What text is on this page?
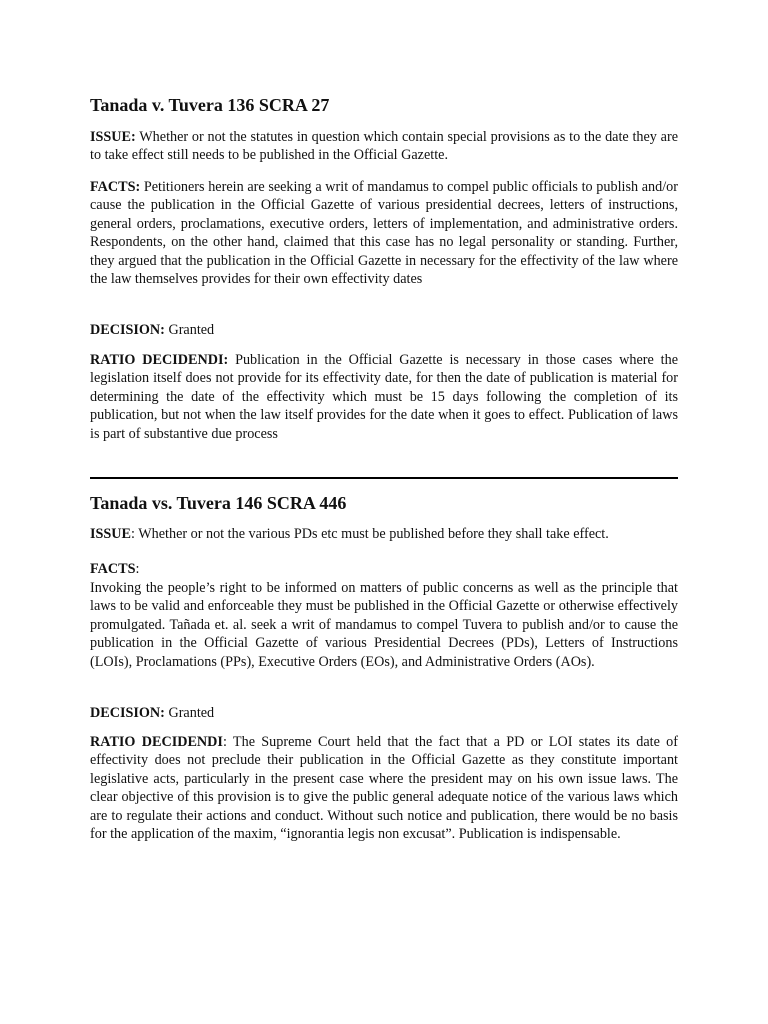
Tanada v. Tuvera 136 SCRA 27

ISSUE: Whether or not the statutes in question which contain special provisions as to the date they are to take effect still needs to be published in the Official Gazette.

FACTS: Petitioners herein are seeking a writ of mandamus to compel public officials to publish and/or cause the publication in the Official Gazette of various presidential decrees, letters of instructions, general orders, proclamations, executive orders, letters of implementation, and administrative orders. Respondents, on the other hand, claimed that this case has no legal personality or standing. Further, they argued that the publication in the Official Gazette in necessary for the effectivity of the law where the law themselves provides for their own effectivity dates

DECISION: Granted

RATIO DECIDENDI: Publication in the Official Gazette is necessary in those cases where the legislation itself does not provide for its effectivity date, for then the date of publication is material for determining the date of the effectivity which must be 15 days following the completion of its publication, but not when the law itself provides for the date when it goes to effect. Publication of laws is part of substantive due process

Tanada vs. Tuvera 146 SCRA 446

ISSUE: Whether or not the various PDs etc must be published before they shall take effect.

FACTS:

Invoking the people’s right to be informed on matters of public concerns as well as the principle that laws to be valid and enforceable they must be published in the Official Gazette or otherwise effectively promulgated. Tañada et. al. seek a writ of mandamus to compel Tuvera to publish and/or to cause the publication in the Official Gazette of various Presidential Decrees (PDs), Letters of Instructions (LOIs), Proclamations (PPs), Executive Orders (EOs), and Administrative Orders (AOs).

DECISION: Granted

RATIO DECIDENDI: The Supreme Court held that the fact that a PD or LOI states its date of effectivity does not preclude their publication in the Official Gazette as they constitute important legislative acts, particularly in the present case where the president may on his own issue laws. The clear objective of this provision is to give the public general adequate notice of the various laws which are to regulate their actions and conduct. Without such notice and publication, there would be no basis for the application of the maxim, “ignorantia legis non excusat”. Publication is indispensable.
